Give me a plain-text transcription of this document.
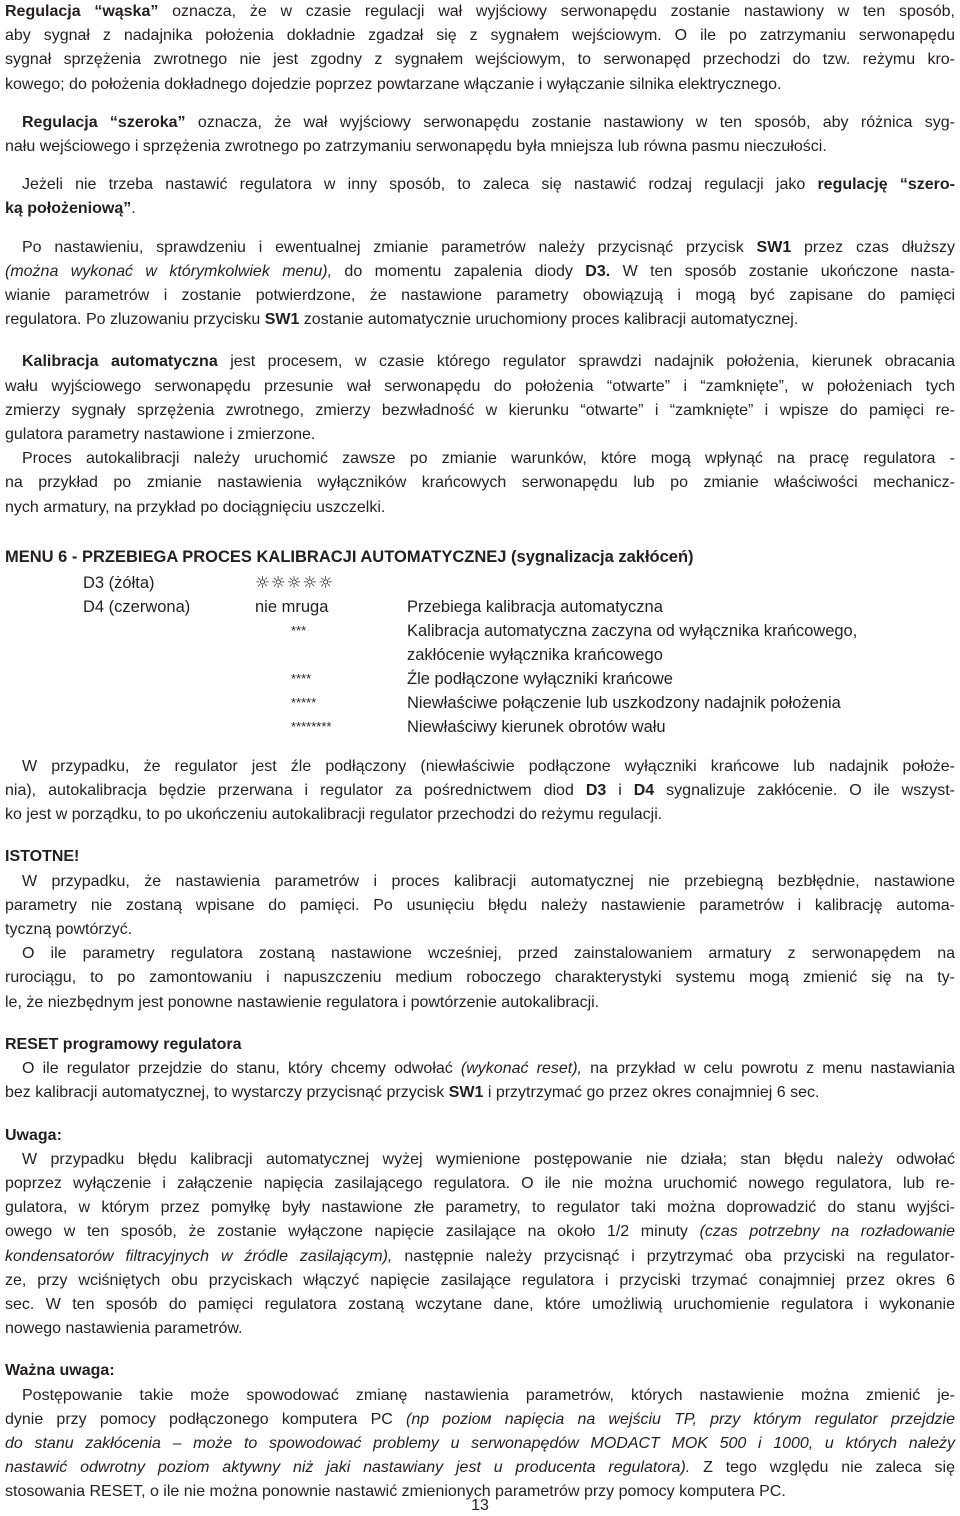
Regulacja “wąska” oznacza, że w czasie regulacji wał wyjściowy serwonapędu zostanie nastawiony w ten sposób,

aby sygnał z nadajnika położenia dokładnie zgadzał się z sygnałem wejściowym. O ile po zatrzymaniu serwonapędu

sygnał sprzężenia zwrotnego nie jest zgodny z sygnałem wejściowym, to serwonapęd przechodzi do tzw. reżymu kro-

kowego; do położenia dokładnego dojedzie poprzez powtarzane włączanie i wyłączanie silnika elektrycznego.

Regulacja “szeroka” oznacza, że wał wyjściowy serwonapędu zostanie nastawiony w ten sposób, aby różnica syg-

nału wejściowego i sprzężenia zwrotnego po zatrzymaniu serwonapędu była mniejsza lub równa pasmu nieczułości.

Jeżeli nie trzeba nastawić regulatora w inny sposób, to zaleca się nastawić rodzaj regulacji jako regulację “szero-

ką położeniową”.

Po nastawieniu, sprawdzeniu i ewentualnej zmianie parametrów należy przycisnąć przycisk SW1 przez czas dłuższy

(można wykonać w którymkolwiek menu), do momentu zapalenia diody D3. W ten sposób zostanie ukończone nasta-

wianie parametrów i zostanie potwierdzone, że nastawione parametry obowiązują i mogą być zapisane do pamięci

regulatora. Po zluzowaniu przycisku SW1 zostanie automatycznie uruchomiony proces kalibracji automatycznej.

Kalibracja automatyczna jest procesem, w czasie którego regulator sprawdzi nadajnik położenia, kierunek obracania

wału wyjściowego serwonapędu przesunie wał serwonapędu do położenia “otwarte” i “zamknięte”, w położeniach tych

zmierzy sygnały sprzężenia zwrotnego, zmierzy bezwładność w kierunku “otwarte” i “zamknięte” i wpisze do pamięci re-

gulatora parametry nastawione i zmierzone.

Proces autokalibracji należy uruchomić zawsze po zmianie warunków, które mogą wpłynąć na pracę regulatora -

na przykład po zmianie nastawienia wyłączników krańcowych serwonapędu lub po zmianie właściwości mechanicz-

nych armatury, na przykład po dociągnięciu uszczelki.

MENU 6 - PRZEBIEGA PROCES KALIBRACJI AUTOMATYCZNEJ (sygnalizacja zakłóceń)
D3 (żółta)	☼☼☼☼☼
D4 (czerwona)	nie mruga	Przebiega kalibracja automatyczna
***	Kalibracja automatyczna zaczyna od wyłącznika krańcowego,
zakłócenie wyłącznika krańcowego
****	Źle podłączone wyłączniki krańcowe
*****	Niewłaściwe połączenie lub uszkodzony nadajnik położenia
********	Niewłaściwy kierunek obrotów wału

W przypadku, że regulator jest źle podłączony (niewłaściwie podłączone wyłączniki krańcowe lub nadajnik położe-

nia), autokalibracja będzie przerwana i regulator za pośrednictwem diod D3 i D4 sygnalizuje zakłócenie. O ile wszyst-

ko jest w porządku, to po ukończeniu autokalibracji regulator przechodzi do reżymu regulacji.

ISTOTNE!

W przypadku, że nastawienia parametrów i proces kalibracji automatycznej nie przebiegną bezbłędnie, nastawione

parametry nie zostaną wpisane do pamięci. Po usunięciu błędu należy nastawienie parametrów i kalibrację automa-

tyczną powtórzyć.

O ile parametry regulatora zostaną nastawione wcześniej, przed zainstalowaniem armatury z serwonapędem na

rurociągu, to po zamontowaniu i napuszczeniu medium roboczego charakterystyki systemu mogą zmienić się na ty-

le, że niezbędnym jest ponowne nastawienie regulatora i powtórzenie autokalibracji.

RESET programowy regulatora

O ile regulator przejdzie do stanu, który chcemy odwołać (wykonać reset), na przykład w celu powrotu z menu nastawiania

bez kalibracji automatycznej, to wystarczy przycisnąć przycisk SW1 i przytrzymać go przez okres conajmniej 6 sec.

Uwaga:

W przypadku błędu kalibracji automatycznej wyżej wymienione postępowanie nie działa; stan błędu należy odwołać

poprzez wyłączenie i załączenie napięcia zasilającego regulatora. O ile nie można uruchomić nowego regulatora, lub re-

gulatora, w którym przez pomyłkę były nastawione złe parametry, to regulator taki można doprowadzić do stanu wyjści-

owego w ten sposób, że zostanie wyłączone napięcie zasilające na około 1/2 minuty (czas potrzebny na rozładowanie

kondensatorów filtracyjnych w źródle zasilającym), następnie należy przycisnąć i przytrzymać oba przyciski na regulator-

ze, przy wciśniętych obu przyciskach włączyć napięcie zasilające regulatora i przyciski trzymać conajmniej przez okres 6

sec. W ten sposób do pamięci regulatora zostaną wczytane dane, które umożliwią uruchomienie regulatora i wykonanie

nowego nastawienia parametrów.

Ważna uwaga:

Postępowanie takie może spowodować zmianę nastawienia parametrów, których nastawienie można zmienić je-

dynie przy pomocy podłączonego komputera PC (np pozioм napięcia na wejściu TP, przy którym regulator przejdzie

do stanu zakłócenia – może to spowodować problemy u serwonapędów MODACT MOK 500 i 1000, u których należy

nastawić odwrotny poziom aktywny niż jaki nastawiany jest u producenta regulatora). Z tego względu nie zaleca się

stosowania RESET, o ile nie można ponownie nastawić zmienionych parametrów przy pomocy komputera PC.

13
